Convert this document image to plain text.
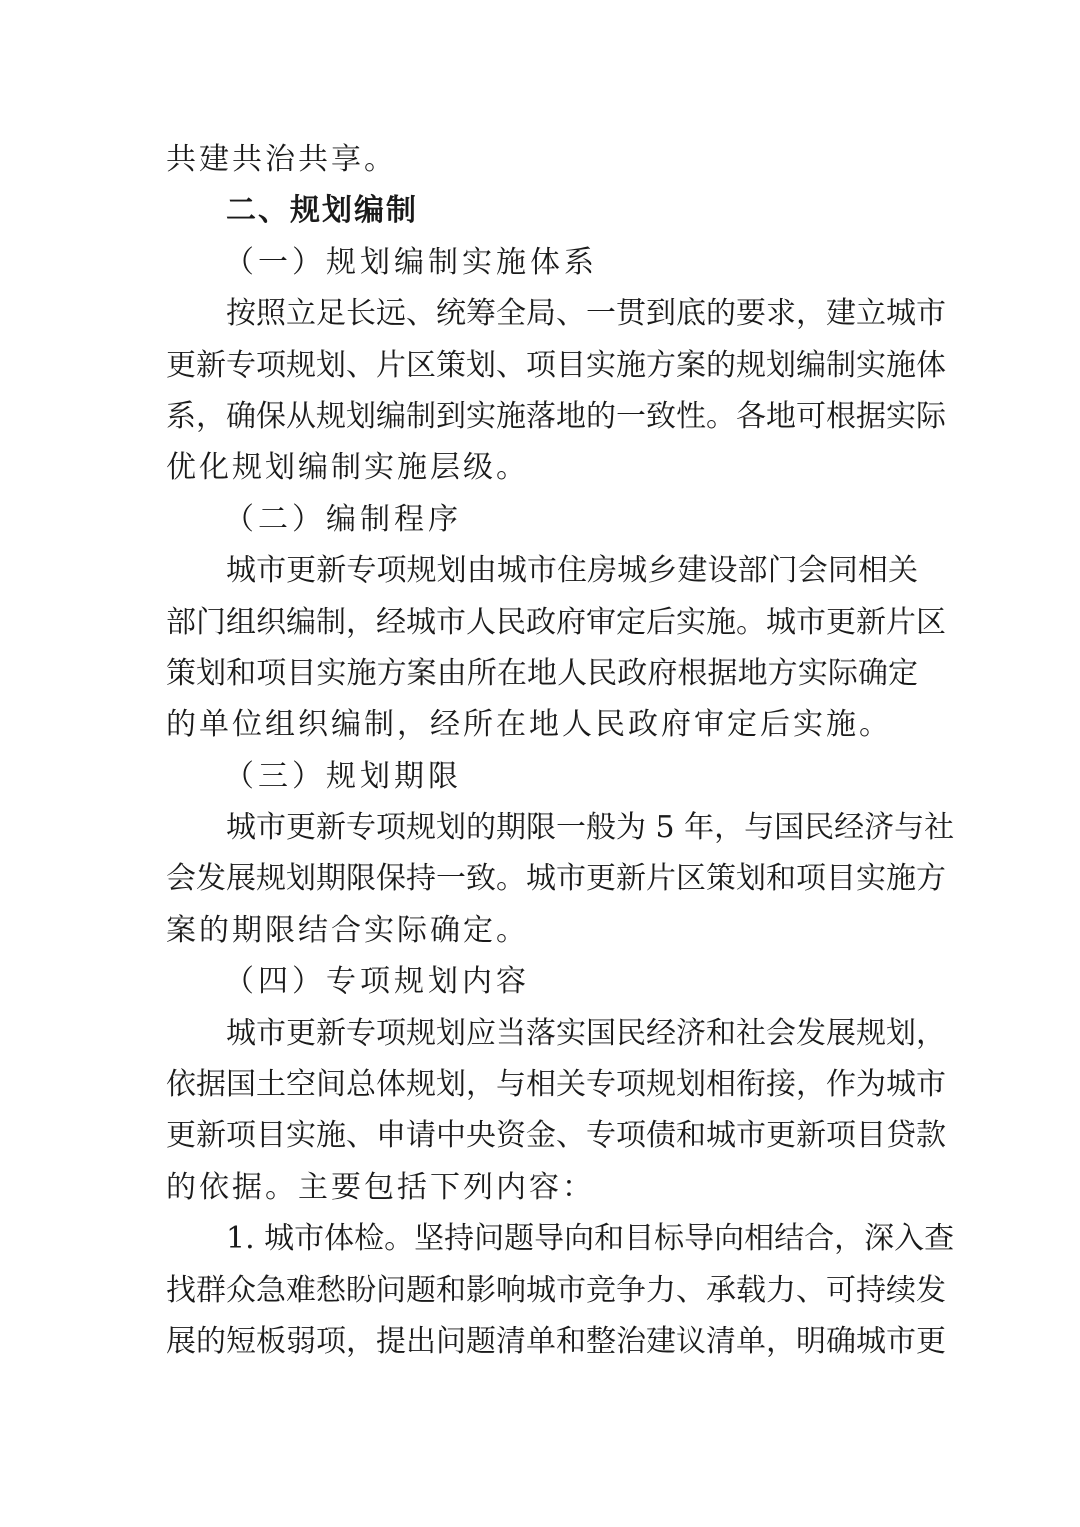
共建共治共享。
二、规划编制
（一）规划编制实施体系
按照立足长远、统筹全局、一贯到底的要求，建立城市
更新专项规划、片区策划、项目实施方案的规划编制实施体
系，确保从规划编制到实施落地的一致性。各地可根据实际
优化规划编制实施层级。
（二）编制程序
城市更新专项规划由城市住房城乡建设部门会同相关
部门组织编制，经城市人民政府审定后实施。城市更新片区
策划和项目实施方案由所在地人民政府根据地方实际确定
的单位组织编制，经所在地人民政府审定后实施。
（三）规划期限
城市更新专项规划的期限一般为 5 年，与国民经济与社
会发展规划期限保持一致。城市更新片区策划和项目实施方
案的期限结合实际确定。
（四）专项规划内容
城市更新专项规划应当落实国民经济和社会发展规划，
依据国土空间总体规划，与相关专项规划相衔接，作为城市
更新项目实施、申请中央资金、专项债和城市更新项目贷款
的依据。主要包括下列内容：
1. 城市体检。坚持问题导向和目标导向相结合，深入查
找群众急难愁盼问题和影响城市竞争力、承载力、可持续发
展的短板弱项，提出问题清单和整治建议清单，明确城市更
